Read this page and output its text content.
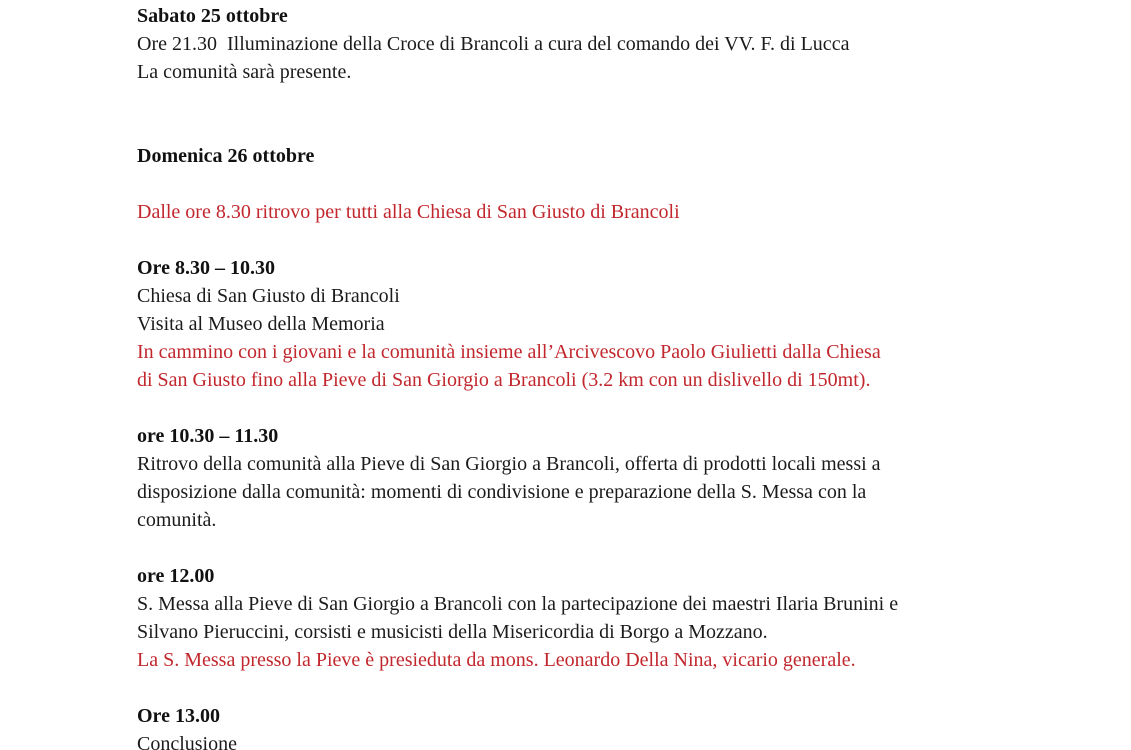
Sabato 25 ottobre
Ore 21.30  Illuminazione della Croce di Brancoli a cura del comando dei VV. F. di Lucca
La comunità sarà presente.
Domenica 26 ottobre
Dalle ore 8.30 ritrovo per tutti alla Chiesa di San Giusto di Brancoli
Ore 8.30 – 10.30
Chiesa di San Giusto di Brancoli
Visita al Museo della Memoria
In cammino con i giovani e la comunità insieme all’Arcivescovo Paolo Giulietti dalla Chiesa
di San Giusto fino alla Pieve di San Giorgio a Brancoli (3.2 km con un dislivello di 150mt).
ore 10.30 – 11.30
Ritrovo della comunità alla Pieve di San Giorgio a Brancoli, offerta di prodotti locali messi a
disposizione dalla comunità: momenti di condivisione e preparazione della S. Messa con la
comunità.
ore 12.00
S. Messa alla Pieve di San Giorgio a Brancoli con la partecipazione dei maestri Ilaria Brunini e
Silvano Pieruccini, corsisti e musicisti della Misericordia di Borgo a Mozzano.
La S. Messa presso la Pieve è presieduta da mons. Leonardo Della Nina, vicario generale.
Ore 13.00
Conclusione
